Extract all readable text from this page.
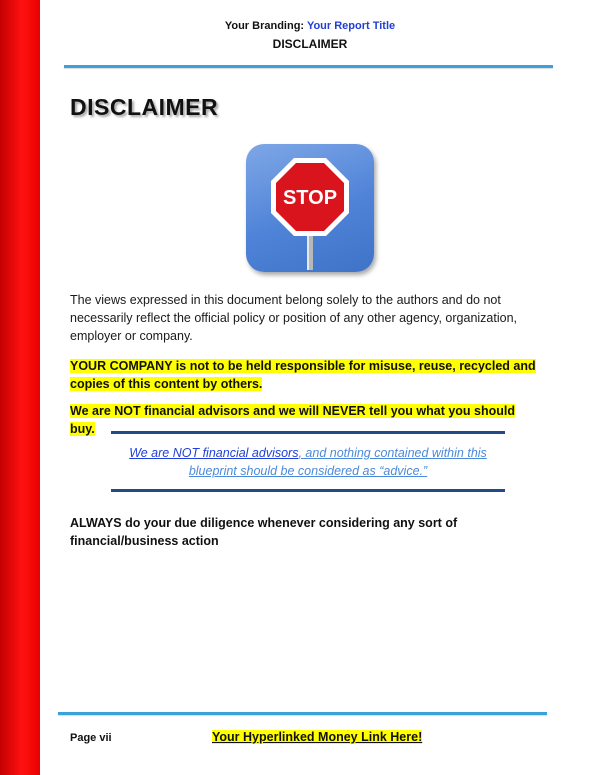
Your Branding: Your Report Title
DISCLAIMER
DISCLAIMER
STOP

The views expressed in this document belong solely to the authors and do not necessarily reflect the official policy or position of any other agency, organization, employer or company.

YOUR COMPANY is not to be held responsible for misuse, reuse, recycled and copies of this content by others.

We are NOT financial advisors and we will NEVER tell you what you should buy.

We are NOT financial advisors, and nothing contained within this blueprint should be considered as “advice.”

ALWAYS do your due diligence whenever considering any sort of financial/business action

Page vii	Your Hyperlinked Money Link Here!
